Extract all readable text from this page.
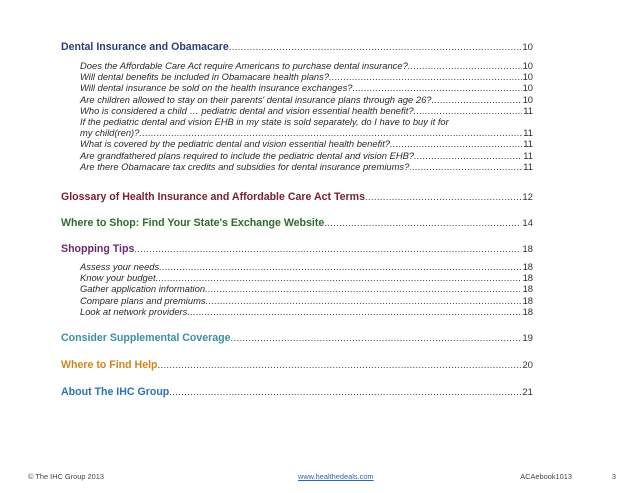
Dental Insurance and Obamacare .....	10
Does the Affordable Care Act require Americans to purchase dental insurance? .....	10
Will dental benefits be included in Obamacare health plans? .....	10
Will dental insurance be sold on the health insurance exchanges? .....	10
Are children allowed to stay on their parents' dental insurance plans through age 26? .....	10
Who is considered a child … pediatric dental and vision essential health benefit? .....	11
If the pediatric dental and vision EHB in my state is sold separately, do I have to buy it for
my child(ren)? .....	11
What is covered by the pediatric dental and vision essential health benefit? .....	11
Are grandfathered plans required to include the pediatric dental and vision EHB? .....	11
Are there Obamacare tax credits and subsidies for dental insurance premiums? .....	11
Glossary of Health Insurance and Affordable Care Act Terms .....	12
Where to Shop: Find Your State's Exchange Website .....	14
Shopping Tips .....	18
Assess your needs .....	18
Know your budget .....	18
Gather application information .....	18
Compare plans and premiums .....	18
Look at network providers .....	18
Consider Supplemental Coverage .....	19
Where to Find Help .....	20
About The IHC Group .....	21
© The IHC Group 2013	www.healthedeals.com	ACAebook1013	3
